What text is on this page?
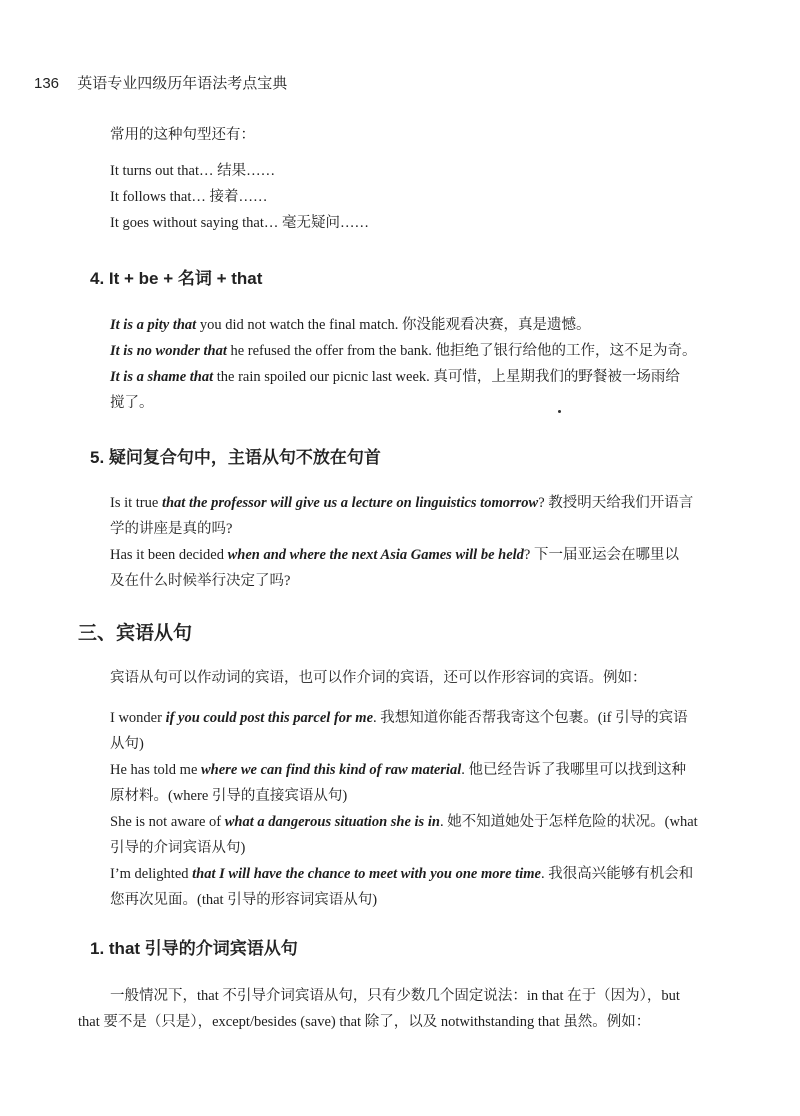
136 英语专业四级历年语法考点宝典
常用的这种句型还有：
It turns out that… 结果……
It follows that… 接着……
It goes without saying that… 毫无疑问……
4. It + be + 名词 + that
It is a pity that you did not watch the final match. 你没能观看决赛，真是遗憾。
It is no wonder that he refused the offer from the bank. 他拒绝了银行给他的工作，这不足为奇。
It is a shame that the rain spoiled our picnic last week. 真可惜，上星期我们的野餐被一场雨给
搅了。
5. 疑问复合句中，主语从句不放在句首
Is it true that the professor will give us a lecture on linguistics tomorrow? 教授明天给我们开语言
学的讲座是真的吗?
Has it been decided when and where the next Asia Games will be held? 下一届亚运会在哪里以
及在什么时候举行决定了吗?
三、宾语从句
宾语从句可以作动词的宾语，也可以作介词的宾语，还可以作形容词的宾语。例如：
I wonder if you could post this parcel for me. 我想知道你能否帮我寄这个包裹。(if 引导的宾语
从句)
He has told me where we can find this kind of raw material. 他已经告诉了我哪里可以找到这种
原材料。(where 引导的直接宾语从句)
She is not aware of what a dangerous situation she is in. 她不知道她处于怎样危险的状况。(what
引导的介词宾语从句)
I’m delighted that I will have the chance to meet with you one more time. 我很高兴能够有机会和
您再次见面。(that 引导的形容词宾语从句)
1. that 引导的介词宾语从句
一般情况下，that 不引导介词宾语从句，只有少数几个固定说法：in that 在于（因为），but
that 要不是（只是），except/besides (save) that 除了，以及 notwithstanding that 虽然。例如：
